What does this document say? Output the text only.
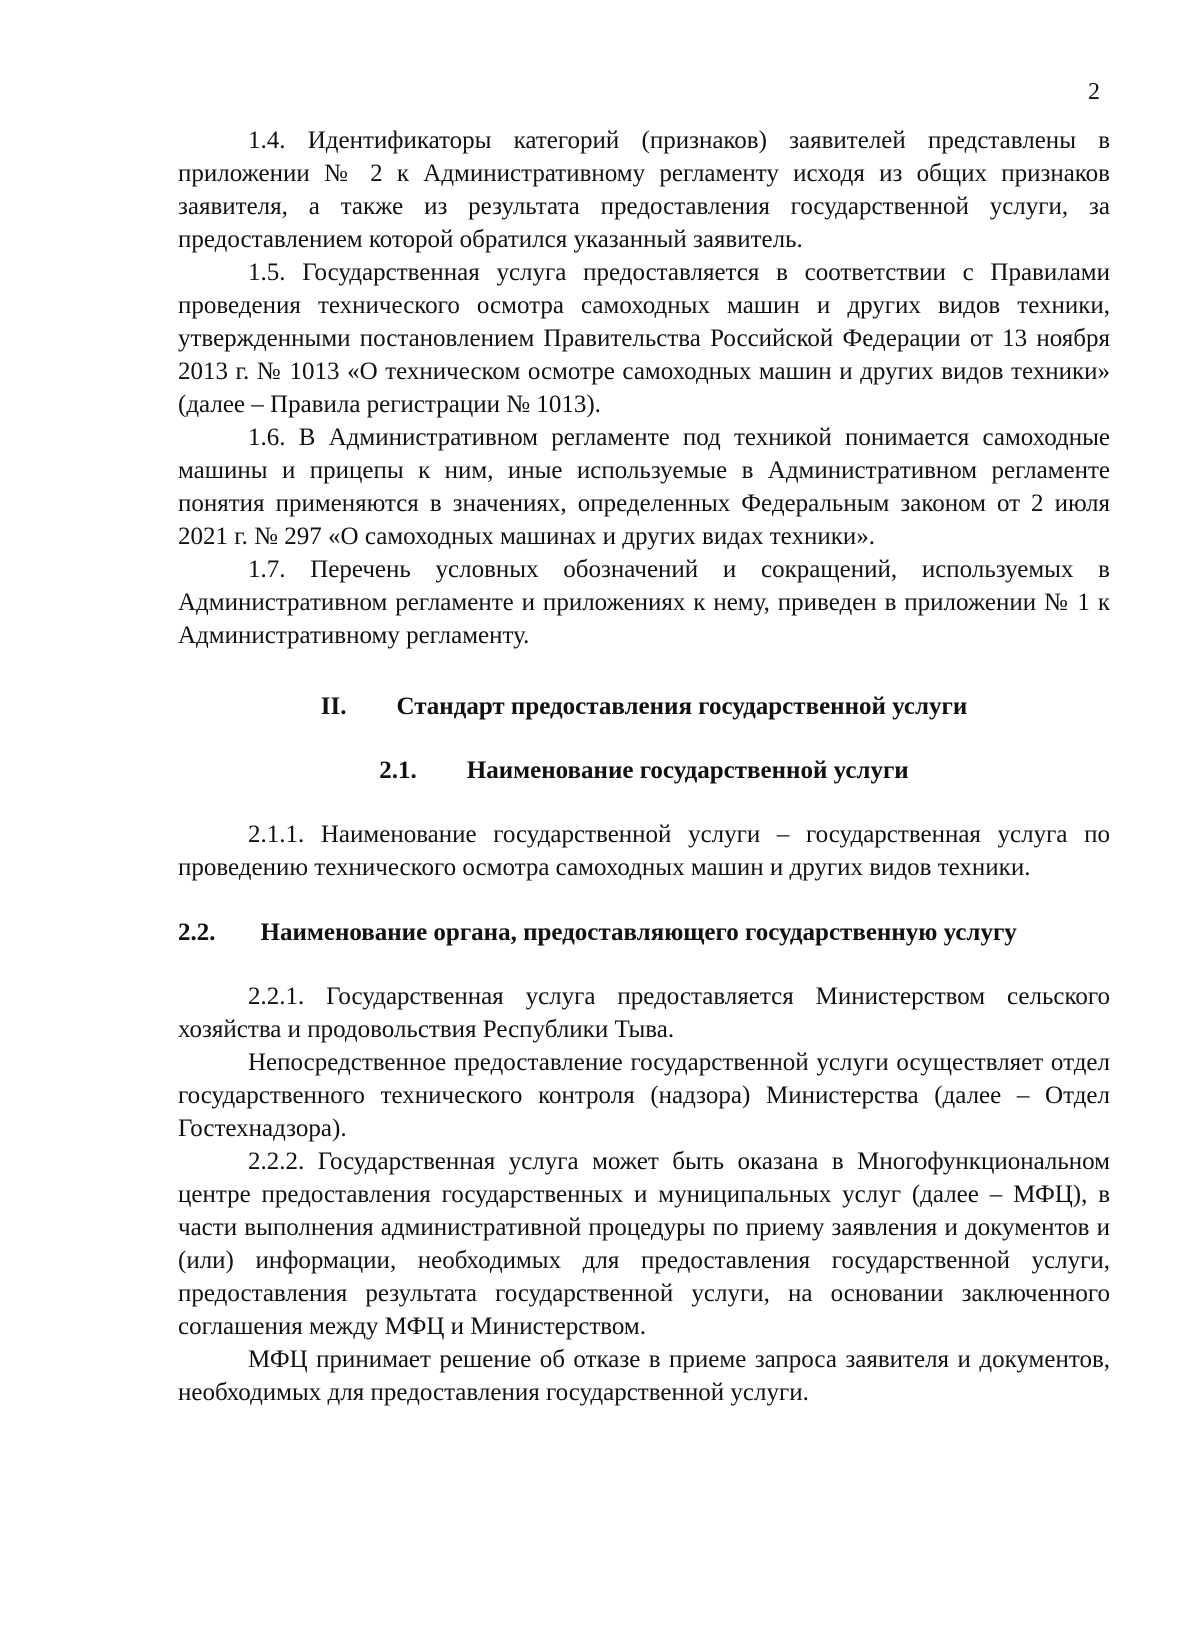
2

1.4. Идентификаторы категорий (признаков) заявителей представлены в приложении № 2 к Административному регламенту исходя из общих признаков заявителя, а также из результата предоставления государственной услуги, за предоставлением которой обратился указанный заявитель.

1.5. Государственная услуга предоставляется в соответствии с Правилами проведения технического осмотра самоходных машин и других видов техники, утвержденными постановлением Правительства Российской Федерации от 13 ноября 2013 г. № 1013 «О техническом осмотре самоходных машин и других видов техники» (далее – Правила регистрации № 1013).

1.6. В Административном регламенте под техникой понимается самоходные машины и прицепы к ним, иные используемые в Административном регламенте понятия применяются в значениях, определенных Федеральным законом от 2 июля 2021 г. № 297 «О самоходных машинах и других видах техники».

1.7. Перечень условных обозначений и сокращений, используемых в Административном регламенте и приложениях к нему, приведен в приложении № 1 к Административному регламенту.

II. Стандарт предоставления государственной услуги
2.1. Наименование государственной услуги

2.1.1. Наименование государственной услуги – государственная услуга по проведению технического осмотра самоходных машин и других видов техники.

2.2. Наименование органа, предоставляющего государственную услугу

2.2.1. Государственная услуга предоставляется Министерством сельского хозяйства и продовольствия Республики Тыва.

Непосредственное предоставление государственной услуги осуществляет отдел государственного технического контроля (надзора) Министерства (далее – Отдел Гостехнадзора).

2.2.2. Государственная услуга может быть оказана в Многофункциональном центре предоставления государственных и муниципальных услуг (далее – МФЦ), в части выполнения административной процедуры по приему заявления и документов и (или) информации, необходимых для предоставления государственной услуги, предоставления результата государственной услуги, на основании заключенного соглашения между МФЦ и Министерством.

МФЦ принимает решение об отказе в приеме запроса заявителя и документов, необходимых для предоставления государственной услуги.
